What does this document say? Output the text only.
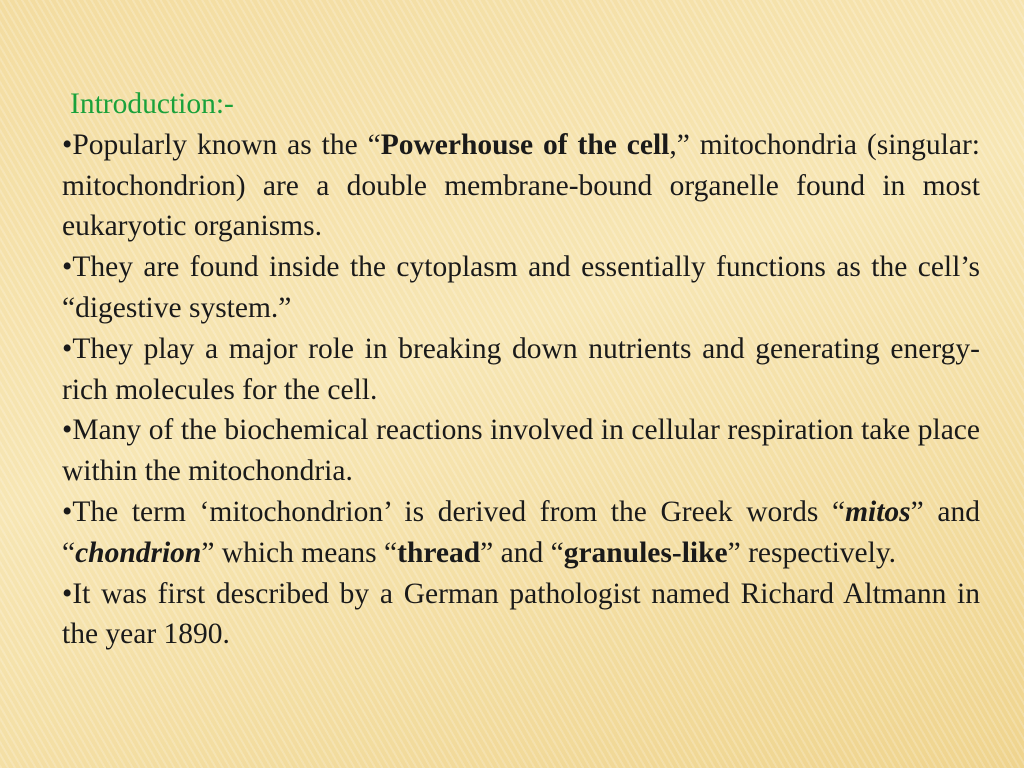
Introduction:-

•Popularly known as the “Powerhouse of the cell,” mitochondria (singular: mitochondrion) are a double membrane-bound organelle found in most eukaryotic organisms.

•They are found inside the cytoplasm and essentially functions as the cell’s “digestive system.”

•They play a major role in breaking down nutrients and generating energy-rich molecules for the cell.

•Many of the biochemical reactions involved in cellular respiration take place within the mitochondria.

•The term ‘mitochondrion’ is derived from the Greek words “mitos” and “chondrion” which means “thread” and “granules-like” respectively.

•It was first described by a German pathologist named Richard Altmann in the year 1890.
